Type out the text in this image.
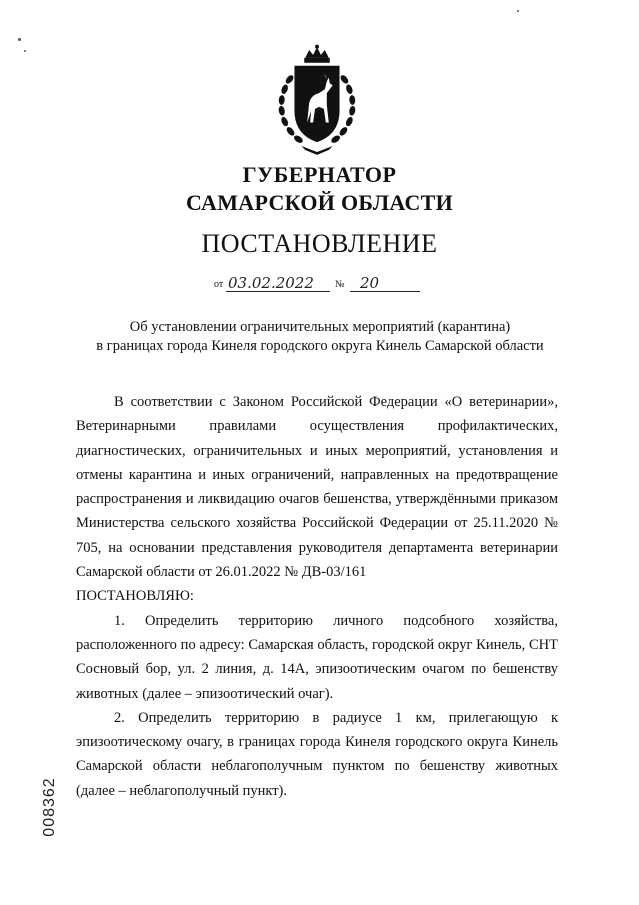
ГУБЕРНАТОР
САМАРСКОЙ ОБЛАСТИ
ПОСТАНОВЛЕНИЕ
от 03.02.2022 № 20
Об установлении ограничительных мероприятий (карантина)
в границах города Кинеля городского округа Кинель Самарской области

В соответствии с Законом Российской Федерации «О ветеринарии», Ветеринарными правилами осуществления профилактических, диагностических, ограничительных и иных мероприятий, установления и отмены карантина и иных ограничений, направленных на предотвращение распространения и ликвидацию очагов бешенства, утверждёнными приказом Министерства сельского хозяйства Российской Федерации от 25.11.2020 № 705, на основании представления руководителя департамента ветеринарии Самарской области от 26.01.2022 № ДВ-03/161

ПОСТАНОВЛЯЮ:

1. Определить территорию личного подсобного хозяйства, расположенного по адресу: Самарская область, городской округ Кинель, СНТ Сосновый бор, ул. 2 линия, д. 14А, эпизоотическим очагом по бешенству животных (далее – эпизоотический очаг).

2. Определить территорию в радиусе 1 км, прилегающую к эпизоотическому очагу, в границах города Кинеля городского округа Кинель Самарской области неблагополучным пунктом по бешенству животных (далее – неблагополучный пункт).

008362
